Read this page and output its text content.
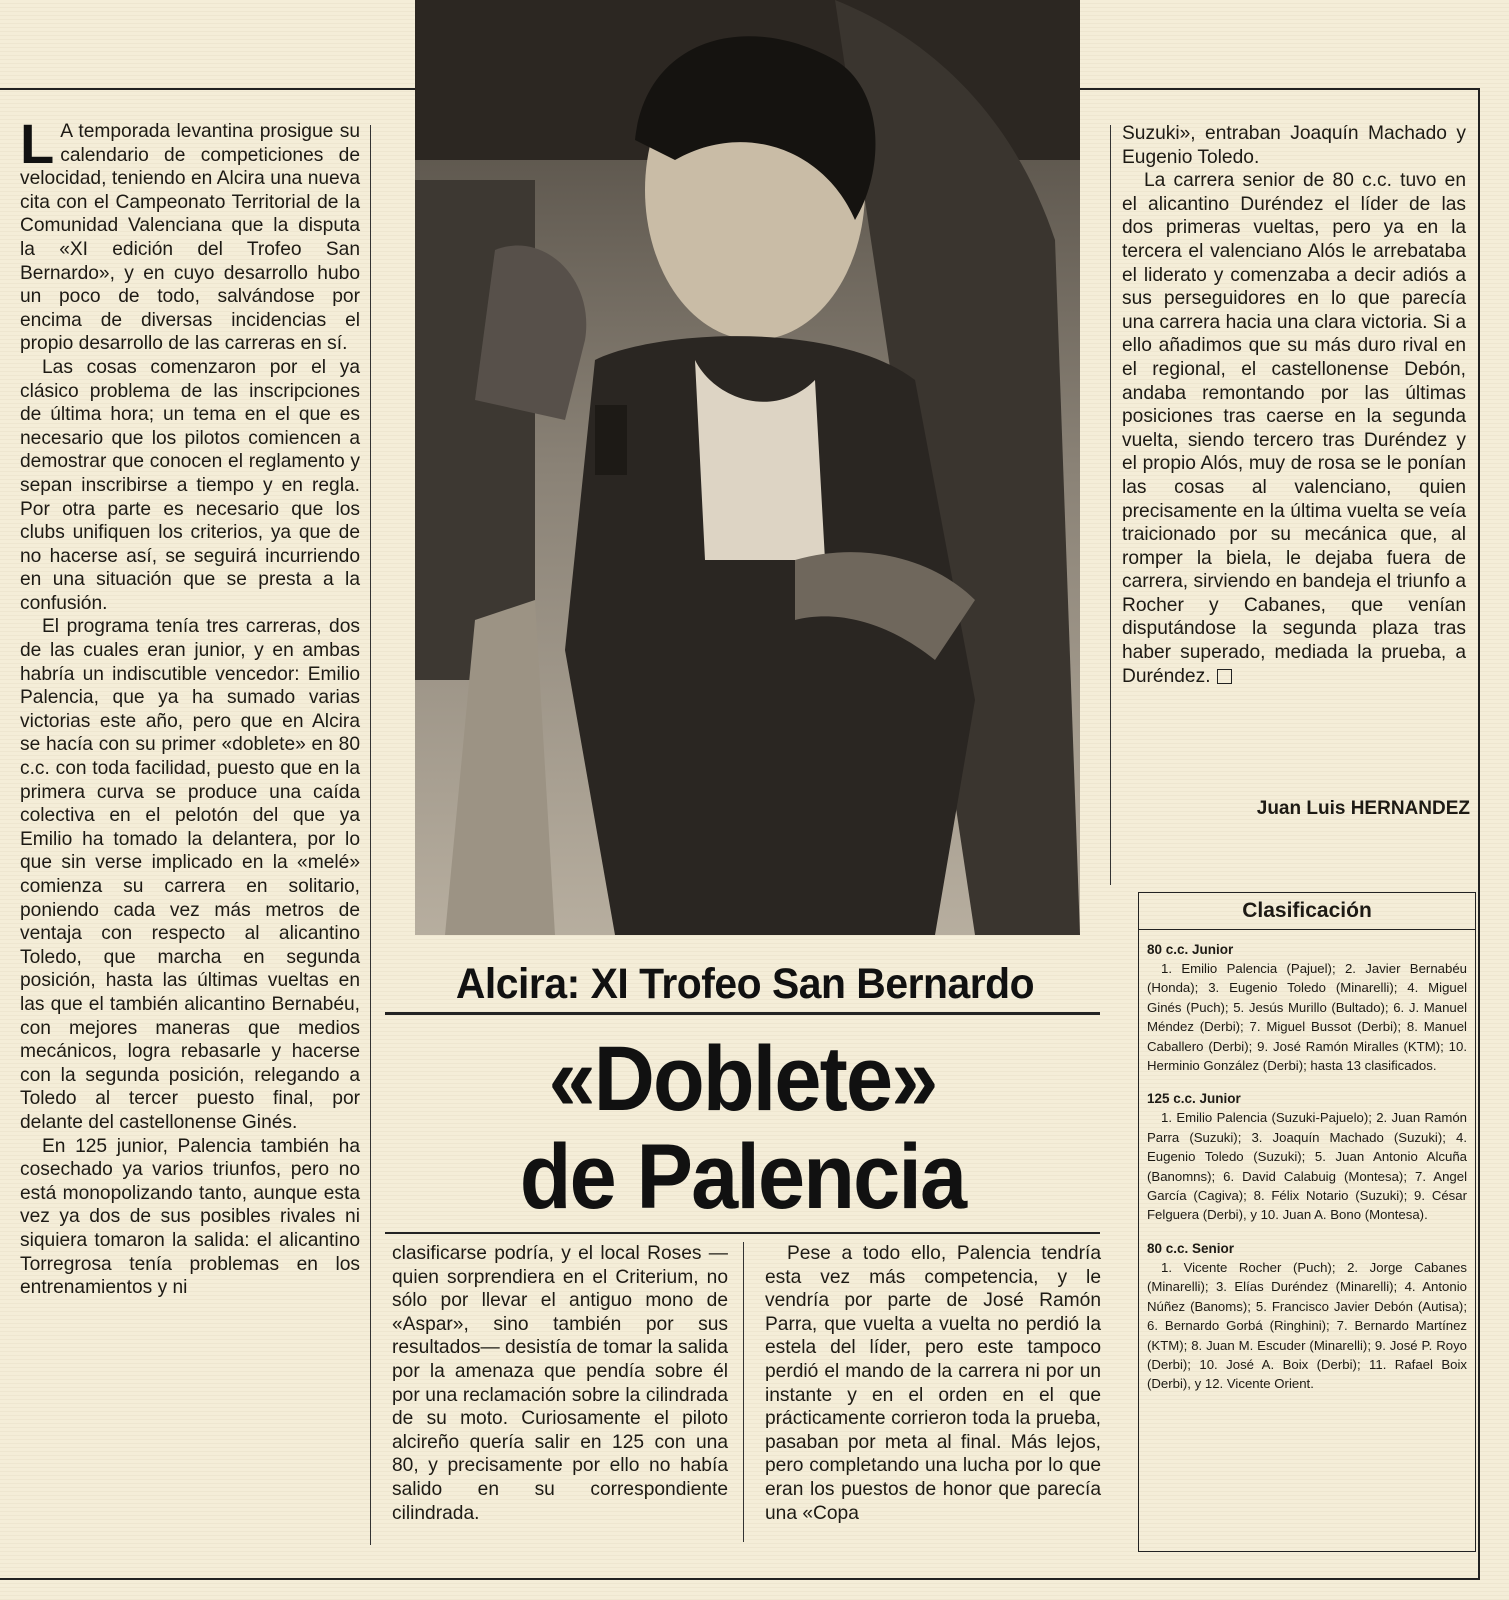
L A temporada levantina prosigue su calendario de competiciones de velocidad, teniendo en Alcira una nueva cita con el Campeonato Territorial de la Comunidad Valenciana que la disputa la «XI edición del Trofeo San Bernardo», y en cuyo desarrollo hubo un poco de todo, salvándose por encima de diversas incidencias el propio desarrollo de las carreras en sí.

Las cosas comenzaron por el ya clásico problema de las inscripciones de última hora; un tema en el que es necesario que los pilotos comiencen a demostrar que conocen el reglamento y sepan inscribirse a tiempo y en regla. Por otra parte es necesario que los clubs unifiquen los criterios, ya que de no hacerse así, se seguirá incurriendo en una situación que se presta a la confusión.

El programa tenía tres carreras, dos de las cuales eran junior, y en ambas habría un indiscutible vencedor: Emilio Palencia, que ya ha sumado varias victorias este año, pero que en Alcira se hacía con su primer «doblete» en 80 c.c. con toda facilidad, puesto que en la primera curva se produce una caída colectiva en el pelotón del que ya Emilio ha tomado la delantera, por lo que sin verse implicado en la «melé» comienza su carrera en solitario, poniendo cada vez más metros de ventaja con respecto al alicantino Toledo, que marcha en segunda posición, hasta las últimas vueltas en las que el también alicantino Bernabéu, con mejores maneras que medios mecánicos, logra rebasarle y hacerse con la segunda posición, relegando a Toledo al tercer puesto final, por delante del castellonense Ginés.

En 125 junior, Palencia también ha cosechado ya varios triunfos, pero no está monopolizando tanto, aunque esta vez ya dos de sus posibles rivales ni siquiera tomaron la salida: el alicantino Torregrosa tenía problemas en los entrenamientos y ni

Alcira: XI Trofeo San Bernardo
«Doblete»
de Palencia

clasificarse podría, y el local Roses —quien sorprendiera en el Criterium, no sólo por llevar el antiguo mono de «Aspar», sino también por sus resultados— desistía de tomar la salida por la amenaza que pendía sobre él por una reclamación sobre la cilindrada de su moto. Curiosamente el piloto alcireño quería salir en 125 con una 80, y precisamente por ello no había salido en su correspondiente cilindrada.

Pese a todo ello, Palencia tendría esta vez más competencia, y le vendría por parte de José Ramón Parra, que vuelta a vuelta no perdió la estela del líder, pero este tampoco perdió el mando de la carrera ni por un instante y en el orden en el que prácticamente corrieron toda la prueba, pasaban por meta al final. Más lejos, pero completando una lucha por lo que eran los puestos de honor que parecía una «Copa

Suzuki», entraban Joaquín Machado y Eugenio Toledo.

La carrera senior de 80 c.c. tuvo en el alicantino Duréndez el líder de las dos primeras vueltas, pero ya en la tercera el valenciano Alós le arrebataba el liderato y comenzaba a decir adiós a sus perseguidores en lo que parecía una carrera hacia una clara victoria. Si a ello añadimos que su más duro rival en el regional, el castellonense Debón, andaba remontando por las últimas posiciones tras caerse en la segunda vuelta, siendo tercero tras Duréndez y el propio Alós, muy de rosa se le ponían las cosas al valenciano, quien precisamente en la última vuelta se veía traicionado por su mecánica que, al romper la biela, le dejaba fuera de carrera, sirviendo en bandeja el triunfo a Rocher y Cabanes, que venían disputándose la segunda plaza tras haber superado, mediada la prueba, a Duréndez.

Juan Luis HERNANDEZ
Clasificación
80 c.c. Junior

1. Emilio Palencia (Pajuel); 2. Javier Bernabéu (Honda); 3. Eugenio Toledo (Minarelli); 4. Miguel Ginés (Puch); 5. Jesús Murillo (Bultado); 6. J. Manuel Méndez (Derbi); 7. Miguel Bussot (Derbi); 8. Manuel Caballero (Derbi); 9. José Ramón Miralles (KTM); 10. Herminio González (Derbi); hasta 13 clasificados.

125 c.c. Junior

1. Emilio Palencia (Suzuki-Pajuelo); 2. Juan Ramón Parra (Suzuki); 3. Joaquín Machado (Suzuki); 4. Eugenio Toledo (Suzuki); 5. Juan Antonio Alcuña (Banomns); 6. David Calabuig (Montesa); 7. Angel García (Cagiva); 8. Félix Notario (Suzuki); 9. César Felguera (Derbi), y 10. Juan A. Bono (Montesa).

80 c.c. Senior

1. Vicente Rocher (Puch); 2. Jorge Cabanes (Minarelli); 3. Elías Duréndez (Minarelli); 4. Antonio Núñez (Banoms); 5. Francisco Javier Debón (Autisa); 6. Bernardo Gorbá (Ringhini); 7. Bernardo Martínez (KTM); 8. Juan M. Escuder (Minarelli); 9. José P. Royo (Derbi); 10. José A. Boix (Derbi); 11. Rafael Boix (Derbi), y 12. Vicente Orient.
